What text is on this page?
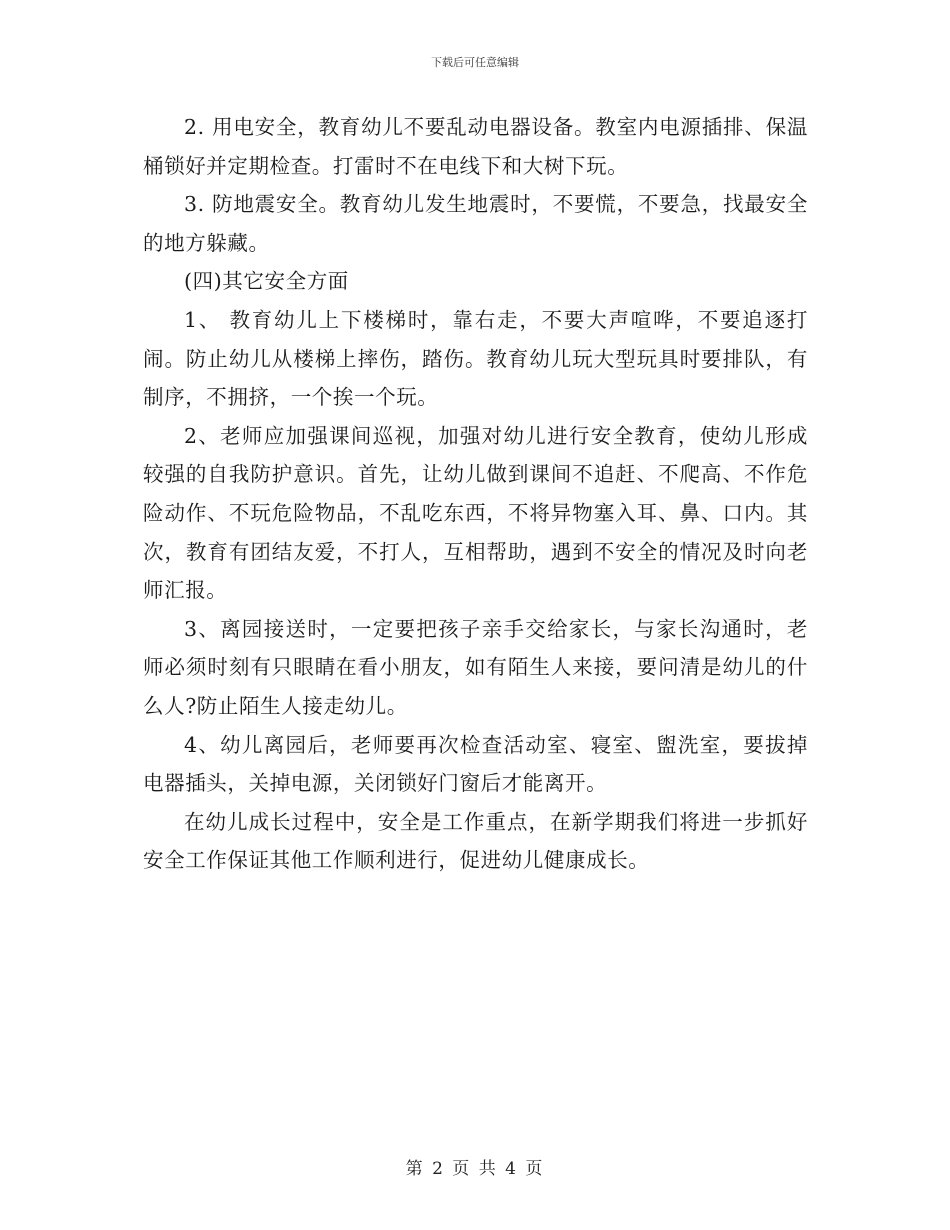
下载后可任意编辑

2. 用电安全，教育幼儿不要乱动电器设备。教室内电源插排、保温桶锁好并定期检查。打雷时不在电线下和大树下玩。

3. 防地震安全。教育幼儿发生地震时，不要慌，不要急，找最安全的地方躲藏。

(四)其它安全方面

1、 教育幼儿上下楼梯时，靠右走，不要大声喧哗，不要追逐打闹。防止幼儿从楼梯上摔伤，踏伤。教育幼儿玩大型玩具时要排队，有制序，不拥挤，一个挨一个玩。

2、老师应加强课间巡视，加强对幼儿进行安全教育，使幼儿形成较强的自我防护意识。首先，让幼儿做到课间不追赶、不爬高、不作危险动作、不玩危险物品，不乱吃东西，不将异物塞入耳、鼻、口内。其次，教育有团结友爱，不打人，互相帮助，遇到不安全的情况及时向老师汇报。

3、离园接送时，一定要把孩子亲手交给家长，与家长沟通时，老师必须时刻有只眼睛在看小朋友，如有陌生人来接，要问清是幼儿的什么人?防止陌生人接走幼儿。

4、幼儿离园后，老师要再次检查活动室、寝室、盥洗室，要拔掉电器插头，关掉电源，关闭锁好门窗后才能离开。

在幼儿成长过程中，安全是工作重点，在新学期我们将进一步抓好安全工作保证其他工作顺利进行，促进幼儿健康成长。

第 2 页 共 4 页
